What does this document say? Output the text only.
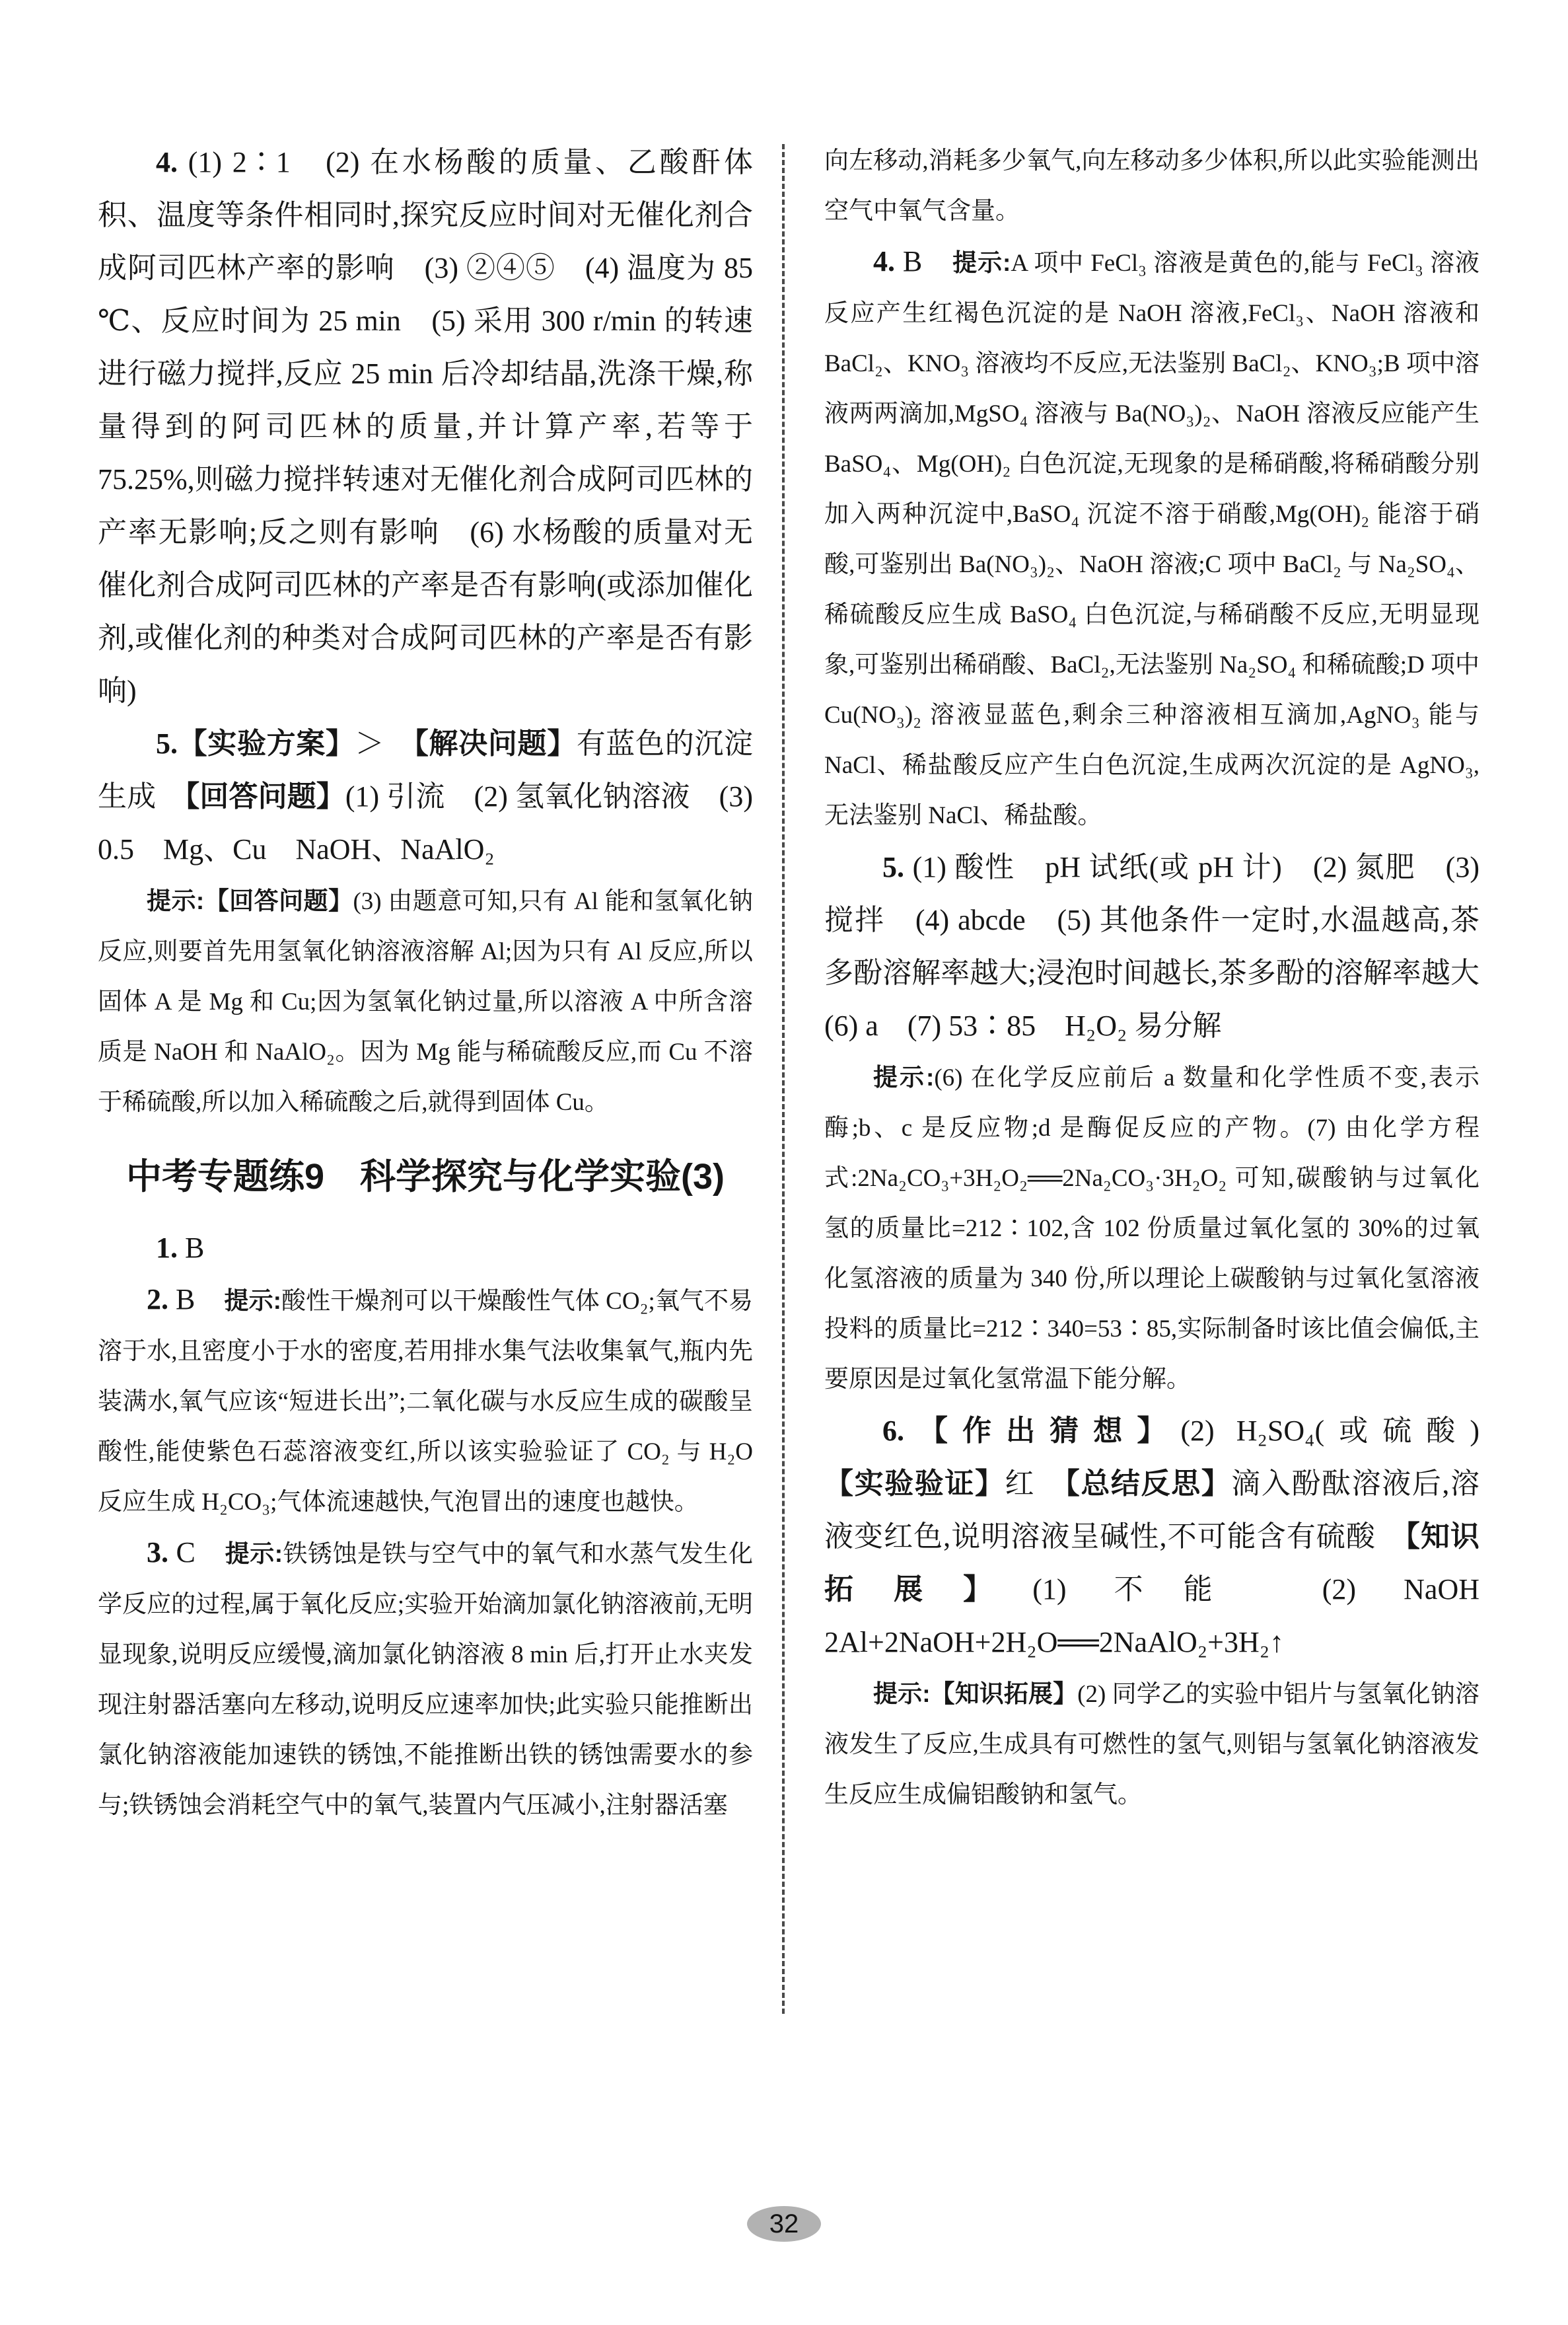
4. (1) 2∶1　(2) 在水杨酸的质量、乙酸酐体积、温度等条件相同时,探究反应时间对无催化剂合成阿司匹林产率的影响　(3) ②④⑤　(4) 温度为 85 ℃、反应时间为 25 min　(5) 采用 300 r/min 的转速进行磁力搅拌,反应 25 min 后冷却结晶,洗涤干燥,称量得到的阿司匹林的质量,并计算产率,若等于 75.25%,则磁力搅拌转速对无催化剂合成阿司匹林的产率无影响;反之则有影响　(6) 水杨酸的质量对无催化剂合成阿司匹林的产率是否有影响(或添加催化剂,或催化剂的种类对合成阿司匹林的产率是否有影响)

5.【实验方案】＞　【解决问题】有蓝色的沉淀生成　【回答问题】(1) 引流　(2) 氢氧化钠溶液　(3) 0.5　Mg、Cu　NaOH、NaAlO₂

提示:【回答问题】(3) 由题意可知,只有 Al 能和氢氧化钠反应,则要首先用氢氧化钠溶液溶解 Al;因为只有 Al 反应,所以固体 A 是 Mg 和 Cu;因为氢氧化钠过量,所以溶液 A 中所含溶质是 NaOH 和 NaAlO₂。因为 Mg 能与稀硫酸反应,而 Cu 不溶于稀硫酸,所以加入稀硫酸之后,就得到固体 Cu。

中考专题练9　科学探究与化学实验(3)

1. B

2. B　提示:酸性干燥剂可以干燥酸性气体 CO₂;氧气不易溶于水,且密度小于水的密度,若用排水集气法收集氧气,瓶内先装满水,氧气应该“短进长出”;二氧化碳与水反应生成的碳酸呈酸性,能使紫色石蕊溶液变红,所以该实验验证了 CO₂ 与 H₂O 反应生成 H₂CO₃;气体流速越快,气泡冒出的速度也越快。

3. C　提示:铁锈蚀是铁与空气中的氧气和水蒸气发生化学反应的过程,属于氧化反应;实验开始滴加氯化钠溶液前,无明显现象,说明反应缓慢,滴加氯化钠溶液 8 min 后,打开止水夹发现注射器活塞向左移动,说明反应速率加快;此实验只能推断出氯化钠溶液能加速铁的锈蚀,不能推断出铁的锈蚀需要水的参与;铁锈蚀会消耗空气中的氧气,装置内气压减小,注射器活塞

向左移动,消耗多少氧气,向左移动多少体积,所以此实验能测出空气中氧气含量。

4. B　提示:A 项中 FeCl₃ 溶液是黄色的,能与 FeCl₃ 溶液反应产生红褐色沉淀的是 NaOH 溶液,FeCl₃、NaOH 溶液和 BaCl₂、KNO₃ 溶液均不反应,无法鉴别 BaCl₂、KNO₃;B 项中溶液两两滴加,MgSO₄ 溶液与 Ba(NO₃)₂、NaOH 溶液反应能产生 BaSO₄、Mg(OH)₂ 白色沉淀,无现象的是稀硝酸,将稀硝酸分别加入两种沉淀中,BaSO₄ 沉淀不溶于硝酸,Mg(OH)₂ 能溶于硝酸,可鉴别出 Ba(NO₃)₂、NaOH 溶液;C 项中 BaCl₂ 与 Na₂SO₄、稀硫酸反应生成 BaSO₄ 白色沉淀,与稀硝酸不反应,无明显现象,可鉴别出稀硝酸、BaCl₂,无法鉴别 Na₂SO₄ 和稀硫酸;D 项中 Cu(NO₃)₂ 溶液显蓝色,剩余三种溶液相互滴加,AgNO₃ 能与 NaCl、稀盐酸反应产生白色沉淀,生成两次沉淀的是 AgNO₃,无法鉴别 NaCl、稀盐酸。

5. (1) 酸性　pH 试纸(或 pH 计)　(2) 氮肥　(3) 搅拌　(4) abcde　(5) 其他条件一定时,水温越高,茶多酚溶解率越大;浸泡时间越长,茶多酚的溶解率越大　(6) a　(7) 53∶85　H₂O₂ 易分解

提示:(6) 在化学反应前后 a 数量和化学性质不变,表示酶;b、c 是反应物;d 是酶促反应的产物。(7) 由化学方程式:2Na₂CO₃+3H₂O₂══2Na₂CO₃·3H₂O₂ 可知,碳酸钠与过氧化氢的质量比=212∶102,含 102 份质量过氧化氢的 30%的过氧化氢溶液的质量为 340 份,所以理论上碳酸钠与过氧化氢溶液投料的质量比=212∶340=53∶85,实际制备时该比值会偏低,主要原因是过氧化氢常温下能分解。

6.【作出猜想】(2) H₂SO₄(或硫酸)　【实验验证】红　【总结反思】滴入酚酞溶液后,溶液变红色,说明溶液呈碱性,不可能含有硫酸　【知识拓展】(1) 不能　(2) NaOH　2Al+2NaOH+2H₂O══2NaAlO₂+3H₂↑

提示:【知识拓展】(2) 同学乙的实验中铝片与氢氧化钠溶液发生了反应,生成具有可燃性的氢气,则铝与氢氧化钠溶液发生反应生成偏铝酸钠和氢气。

32
